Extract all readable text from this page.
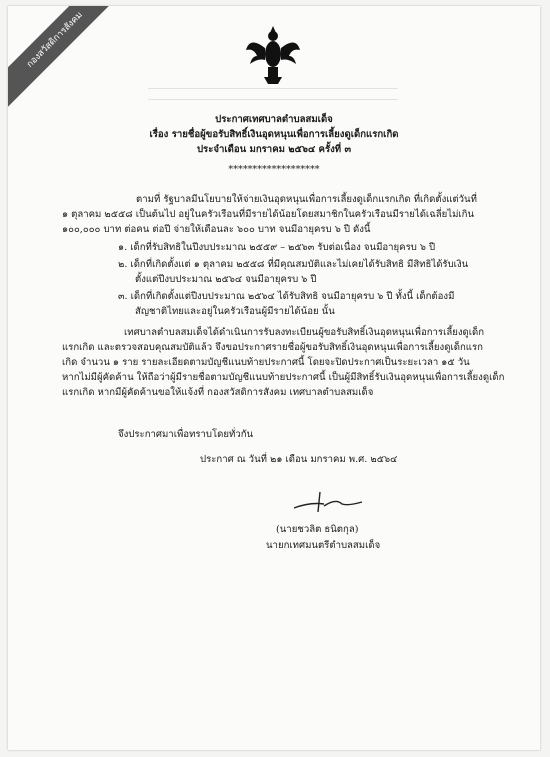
กองสวัสดิการสังคม
ประกาศเทศบาลตำบลสมเด็จ
เรื่อง รายชื่อผู้ขอรับสิทธิ์เงินอุดหนุนเพื่อการเลี้ยงดูเด็กแรกเกิด
ประจำเดือน มกราคม ๒๕๖๔ ครั้งที่ ๓
*******************
ตามที่ รัฐบาลมีนโยบายให้จ่ายเงินอุดหนุนเพื่อการเลี้ยงดูเด็กแรกเกิด ที่เกิดตั้งแต่วันที่
๑ ตุลาคม ๒๕๕๘ เป็นต้นไป อยู่ในครัวเรือนที่มีรายได้น้อยโดยสมาชิกในครัวเรือนมีรายได้เฉลี่ยไม่เกิน
๑๐๐,๐๐๐ บาท ต่อคน ต่อปี จ่ายให้เดือนละ ๖๐๐ บาท จนมีอายุครบ ๖ ปี ดังนี้
๑. เด็กที่รับสิทธิในปีงบประมาณ ๒๕๕๙ – ๒๕๖๓ รับต่อเนื่อง จนมีอายุครบ ๖ ปี
๒. เด็กที่เกิดตั้งแต่ ๑ ตุลาคม ๒๕๕๘ ที่มีคุณสมบัติและไม่เคยได้รับสิทธิ มีสิทธิได้รับเงิน
ตั้งแต่ปีงบประมาณ ๒๕๖๔ จนมีอายุครบ ๖ ปี
๓. เด็กที่เกิดตั้งแต่ปีงบประมาณ ๒๕๖๔ ได้รับสิทธิ จนมีอายุครบ ๖ ปี ทั้งนี้ เด็กต้องมี
สัญชาติไทยและอยู่ในครัวเรือนผู้มีรายได้น้อย นั้น
เทศบาลตำบลสมเด็จได้ดำเนินการรับลงทะเบียนผู้ขอรับสิทธิ์เงินอุดหนุนเพื่อการเลี้ยงดูเด็ก
แรกเกิด และตรวจสอบคุณสมบัติแล้ว จึงขอประกาศรายชื่อผู้ขอรับสิทธิ์เงินอุดหนุนเพื่อการเลี้ยงดูเด็กแรก
เกิด จำนวน ๑ ราย รายละเอียดตามบัญชีแนบท้ายประกาศนี้ โดยจะปิดประกาศเป็นระยะเวลา ๑๕ วัน
หากไม่มีผู้คัดค้าน ให้ถือว่าผู้มีรายชื่อตามบัญชีแนบท้ายประกาศนี้ เป็นผู้มีสิทธิ์รับเงินอุดหนุนเพื่อการเลี้ยงดูเด็ก
แรกเกิด หากมีผู้คัดค้านขอให้แจ้งที่ กองสวัสดิการสังคม เทศบาลตำบลสมเด็จ
จึงประกาศมาเพื่อทราบโดยทั่วกัน
ประกาศ ณ วันที่ ๒๑ เดือน มกราคม พ.ศ. ๒๕๖๔
(นายชวลิต ธนิตกุล)
นายกเทศมนตรีตำบลสมเด็จ
